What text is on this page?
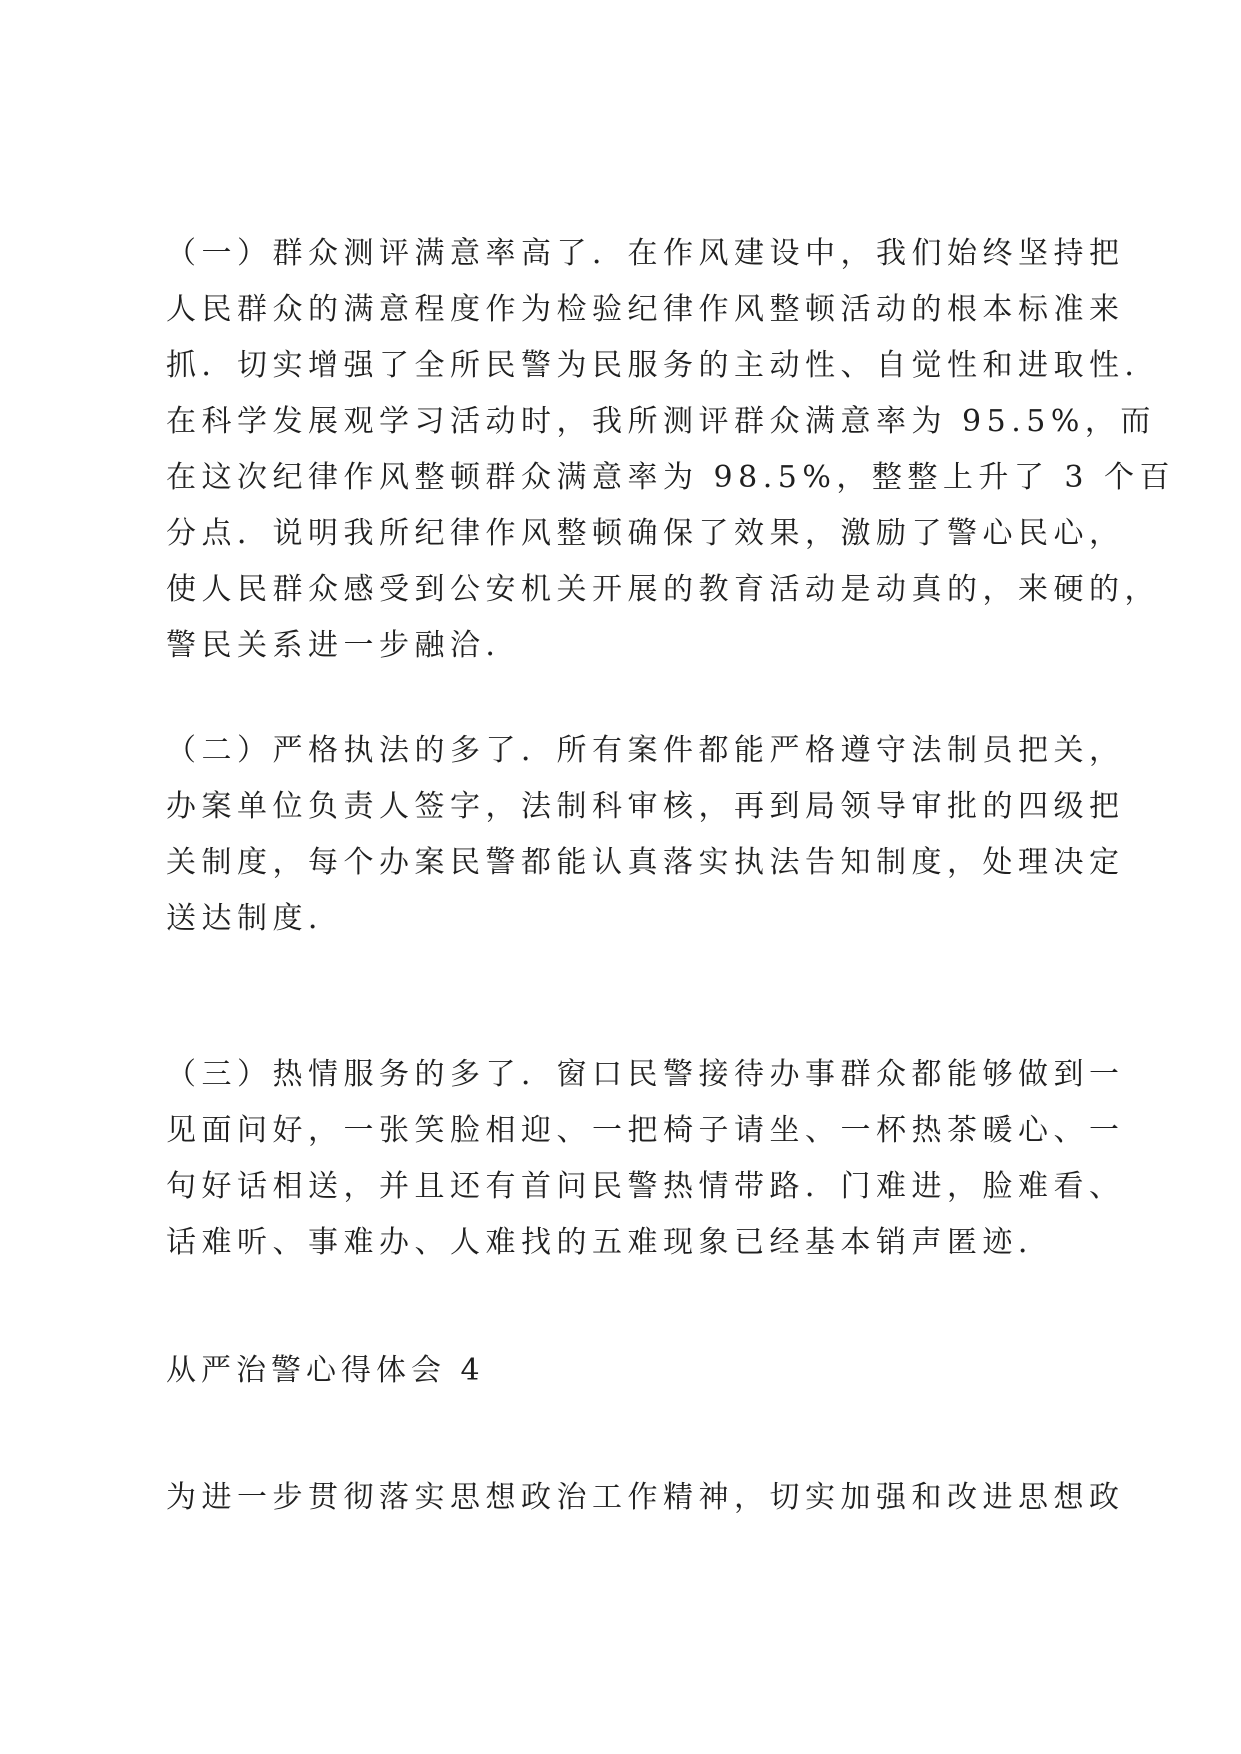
（一）群众测评满意率高了．在作风建设中，我们始终坚持把
人民群众的满意程度作为检验纪律作风整顿活动的根本标准来
抓．切实增强了全所民警为民服务的主动性、自觉性和进取性．
在科学发展观学习活动时，我所测评群众满意率为 95.5%，而
在这次纪律作风整顿群众满意率为 98.5%，整整上升了 3 个百
分点．说明我所纪律作风整顿确保了效果，激励了警心民心，
使人民群众感受到公安机关开展的教育活动是动真的，来硬的，
警民关系进一步融洽．
（二）严格执法的多了．所有案件都能严格遵守法制员把关，
办案单位负责人签字，法制科审核，再到局领导审批的四级把
关制度，每个办案民警都能认真落实执法告知制度，处理决定
送达制度．
（三）热情服务的多了．窗口民警接待办事群众都能够做到一
见面问好，一张笑脸相迎、一把椅子请坐、一杯热茶暖心、一
句好话相送，并且还有首问民警热情带路．门难进，脸难看、
话难听、事难办、人难找的五难现象已经基本销声匿迹．
从严治警心得体会 4
为进一步贯彻落实思想政治工作精神，切实加强和改进思想政
